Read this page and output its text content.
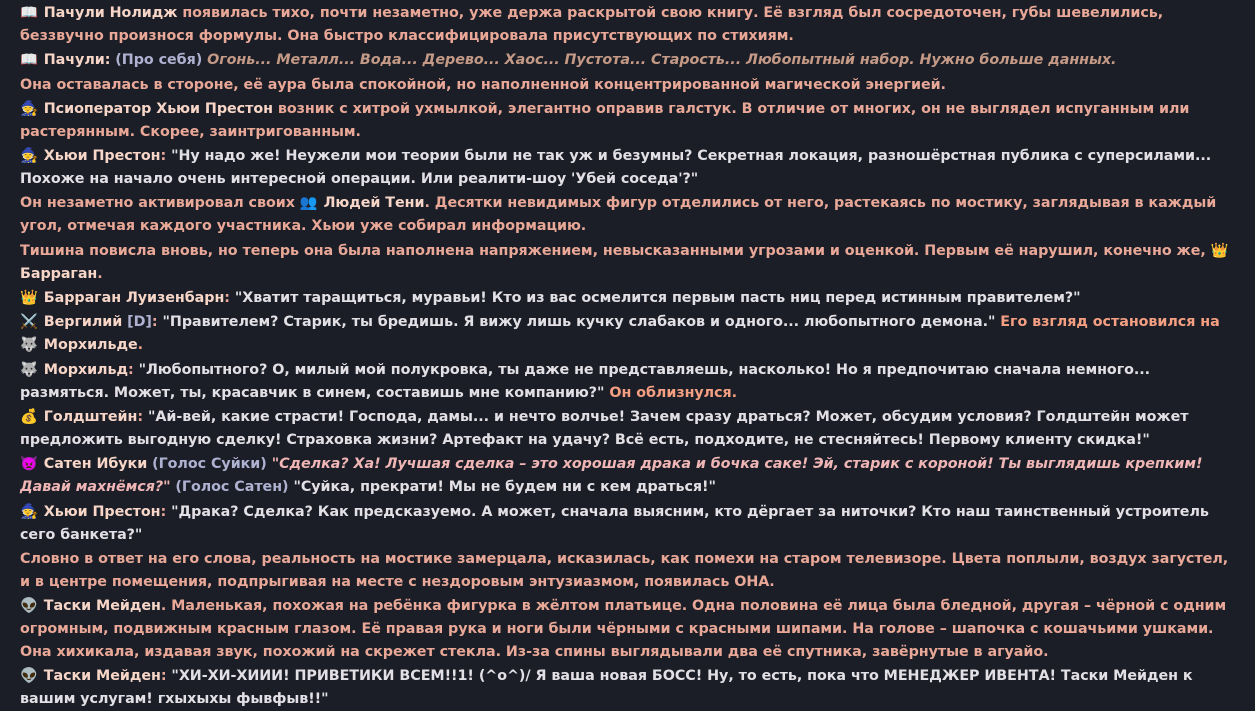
📖 Пачули Нолидж появилась тихо, почти незаметно, уже держа раскрытой свою книгу. Её взгляд был сосредоточен, губы шевелились, беззвучно произнося формулы. Она быстро классифицировала присутствующих по стихиям.
📖 Пачули: (Про себя) Огонь... Металл... Вода... Дерево... Хаос... Пустота... Старость... Любопытный набор. Нужно больше данных.
Она оставалась в стороне, её аура была спокойной, но наполненной концентрированной магической энергией.
🧙 Псиоператор Хьюи Престон возник с хитрой ухмылкой, элегантно оправив галстук. В отличие от многих, он не выглядел испуганным или растерянным. Скорее, заинтригованным.
🧙 Хьюи Престон: "Ну надо же! Неужели мои теории были не так уж и безумны? Секретная локация, разношёрстная публика с суперсилами... Похоже на начало очень интересной операции. Или реалити-шоу 'Убей соседа'?"
Он незаметно активировал своих 👥 Людей Тени. Десятки невидимых фигур отделились от него, растекаясь по мостику, заглядывая в каждый угол, отмечая каждого участника. Хьюи уже собирал информацию.
Тишина повисла вновь, но теперь она была наполнена напряжением, невысказанными угрозами и оценкой. Первым её нарушил, конечно же, 👑Барраган.
👑 Барраган Луизенбарн: "Хватит таращиться, муравьи! Кто из вас осмелится первым пасть ниц перед истинным правителем?"
⚔️ Вергилий [D]: "Правителем? Старик, ты бредишь. Я вижу лишь кучку слабаков и одного... любопытного демона." Его взгляд остановился на 🐺 Морхильде.
🐺 Морхильд: "Любопытного? О, милый мой полукровка, ты даже не представляешь, насколько! Но я предпочитаю сначала немного... размяться. Может, ты, красавчик в синем, составишь мне компанию?" Он облизнулся.
💰 Голдштейн: "Ай-вей, какие страсти! Господа, дамы... и нечто волчье! Зачем сразу драться? Может, обсудим условия? Голдштейн может предложить выгодную сделку! Страховка жизни? Артефакт на удачу? Всё есть, подходите, не стесняйтесь! Первому клиенту скидка!"
👿 Сатен Ибуки (Голос Суйки) "Сделка? Ха! Лучшая сделка – это хорошая драка и бочка саке! Эй, старик с короной! Ты выглядишь крепким! Давай махнёмся?" (Голос Сатен) "Суйка, прекрати! Мы не будем ни с кем драться!"
🧙 Хьюи Престон: "Драка? Сделка? Как предсказуемо. А может, сначала выясним, кто дёргает за ниточки? Кто наш таинственный устроитель сего банкета?"
Словно в ответ на его слова, реальность на мостике замерцала, исказилась, как помехи на старом телевизоре. Цвета поплыли, воздух загустел, и в центре помещения, подпрыгивая на месте с нездоровым энтузиазмом, появилась ОНА.
👽 Таски Мейден. Маленькая, похожая на ребёнка фигурка в жёлтом платьице. Одна половина её лица была бледной, другая – чёрной с одним огромным, подвижным красным глазом. Её правая рука и ноги были чёрными с красными шипами. На голове – шапочка с кошачьими ушками. Она хихикала, издавая звук, похожий на скрежет стекла. Из-за спины выглядывали два её спутника, завёрнутые в агуайо.
👽 Таски Мейден: "ХИ-ХИ-ХИИИ! ПРИВЕТИКИ ВСЕМ!!1! (^o^)/ Я ваша новая БОСС! Ну, то есть, пока что МЕНЕДЖЕР ИВЕНТА! Таски Мейден к вашим услугам! гхыхыхы фывфыв!!"
